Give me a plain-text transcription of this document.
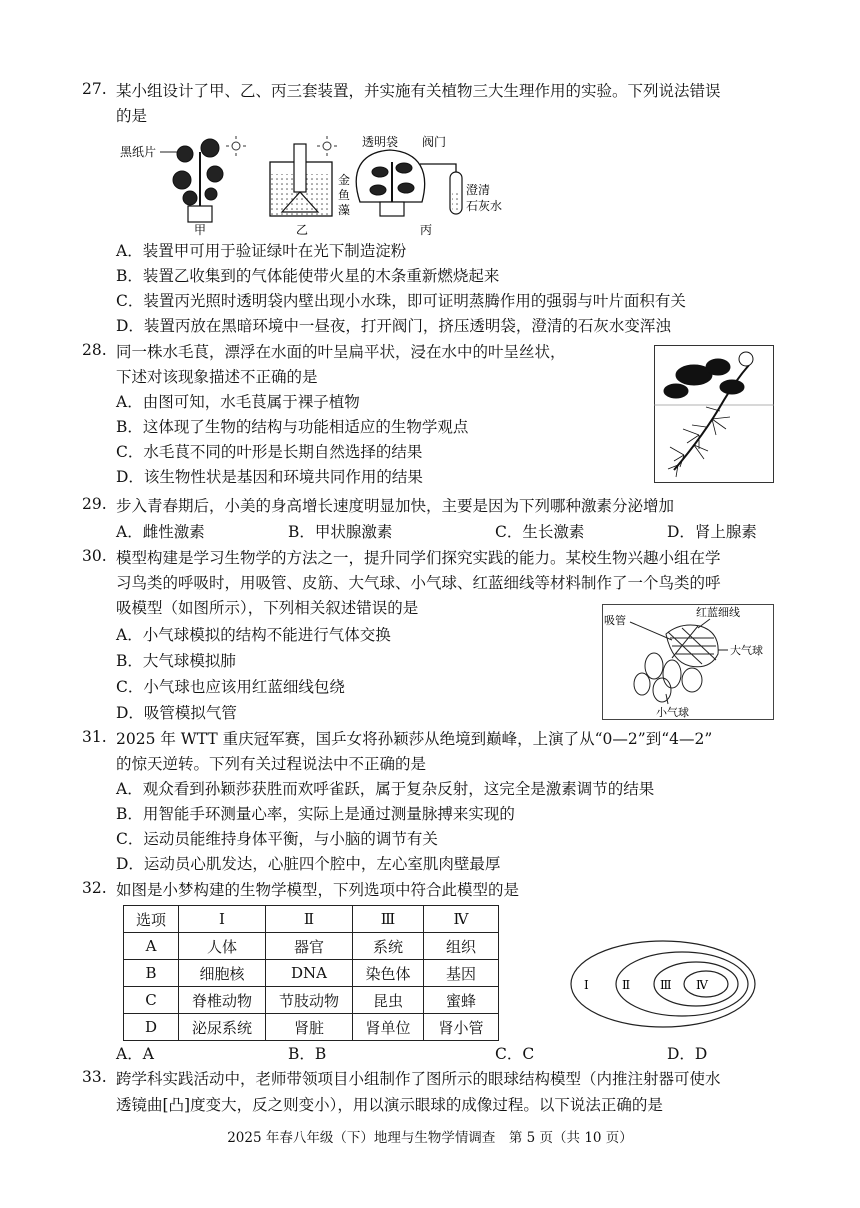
27. 某小组设计了甲、乙、丙三套装置，并实施有关植物三大生理作用的实验。下列说法错误
的是
黑纸片
甲
金
鱼
藻
乙
透明袋 阀门
澄清
石灰水
丙
A．装置甲可用于验证绿叶在光下制造淀粉
B．装置乙收集到的气体能使带火星的木条重新燃烧起来
C．装置丙光照时透明袋内壁出现小水珠，即可证明蒸腾作用的强弱与叶片面积有关
D．装置丙放在黑暗环境中一昼夜，打开阀门，挤压透明袋，澄清的石灰水变浑浊
28. 同一株水毛茛，漂浮在水面的叶呈扁平状，浸在水中的叶呈丝状，
下述对该现象描述不正确的是
A．由图可知，水毛茛属于裸子植物
B．这体现了生物的结构与功能相适应的生物学观点
C．水毛茛不同的叶形是长期自然选择的结果
D．该生物性状是基因和环境共同作用的结果
29. 步入青春期后，小美的身高增长速度明显加快，主要是因为下列哪种激素分泌增加
A．雌性激素	B．甲状腺激素	C．生长激素	D．肾上腺素
30. 模型构建是学习生物学的方法之一，提升同学们探究实践的能力。某校生物兴趣小组在学
习鸟类的呼吸时，用吸管、皮筋、大气球、小气球、红蓝细线等材料制作了一个鸟类的呼
吸模型（如图所示），下列相关叙述错误的是
A．小气球模拟的结构不能进行气体交换
B．大气球模拟肺
C．小气球也应该用红蓝细线包绕
D．吸管模拟气管
吸管
红蓝细线
大气球
小气球
31. 2025 年 WTT 重庆冠军赛，国乒女将孙颖莎从绝境到巅峰，上演了从“0—2”到“4—2”
的惊天逆转。下列有关过程说法中不正确的是
A．观众看到孙颖莎获胜而欢呼雀跃，属于复杂反射，这完全是激素调节的结果
B．用智能手环测量心率，实际上是通过测量脉搏来实现的
C．运动员能维持身体平衡，与小脑的调节有关
D．运动员心肌发达，心脏四个腔中，左心室肌肉壁最厚
32. 如图是小梦构建的生物学模型，下列选项中符合此模型的是
选项	Ⅰ	Ⅱ	Ⅲ	Ⅳ
A	人体	器官	系统	组织
B	细胞核	DNA	染色体	基因
C	脊椎动物	节肢动物	昆虫	蜜蜂
D	泌尿系统	肾脏	肾单位	肾小管
Ⅰ	Ⅱ Ⅲ Ⅳ
A．A	B．B	C．C	D．D
33. 跨学科实践活动中，老师带领项目小组制作了图所示的眼球结构模型（内推注射器可使水
透镜曲[凸]度变大，反之则变小），用以演示眼球的成像过程。以下说法正确的是
2025 年春八年级（下）地理与生物学情调查　第 5 页（共 10 页）
